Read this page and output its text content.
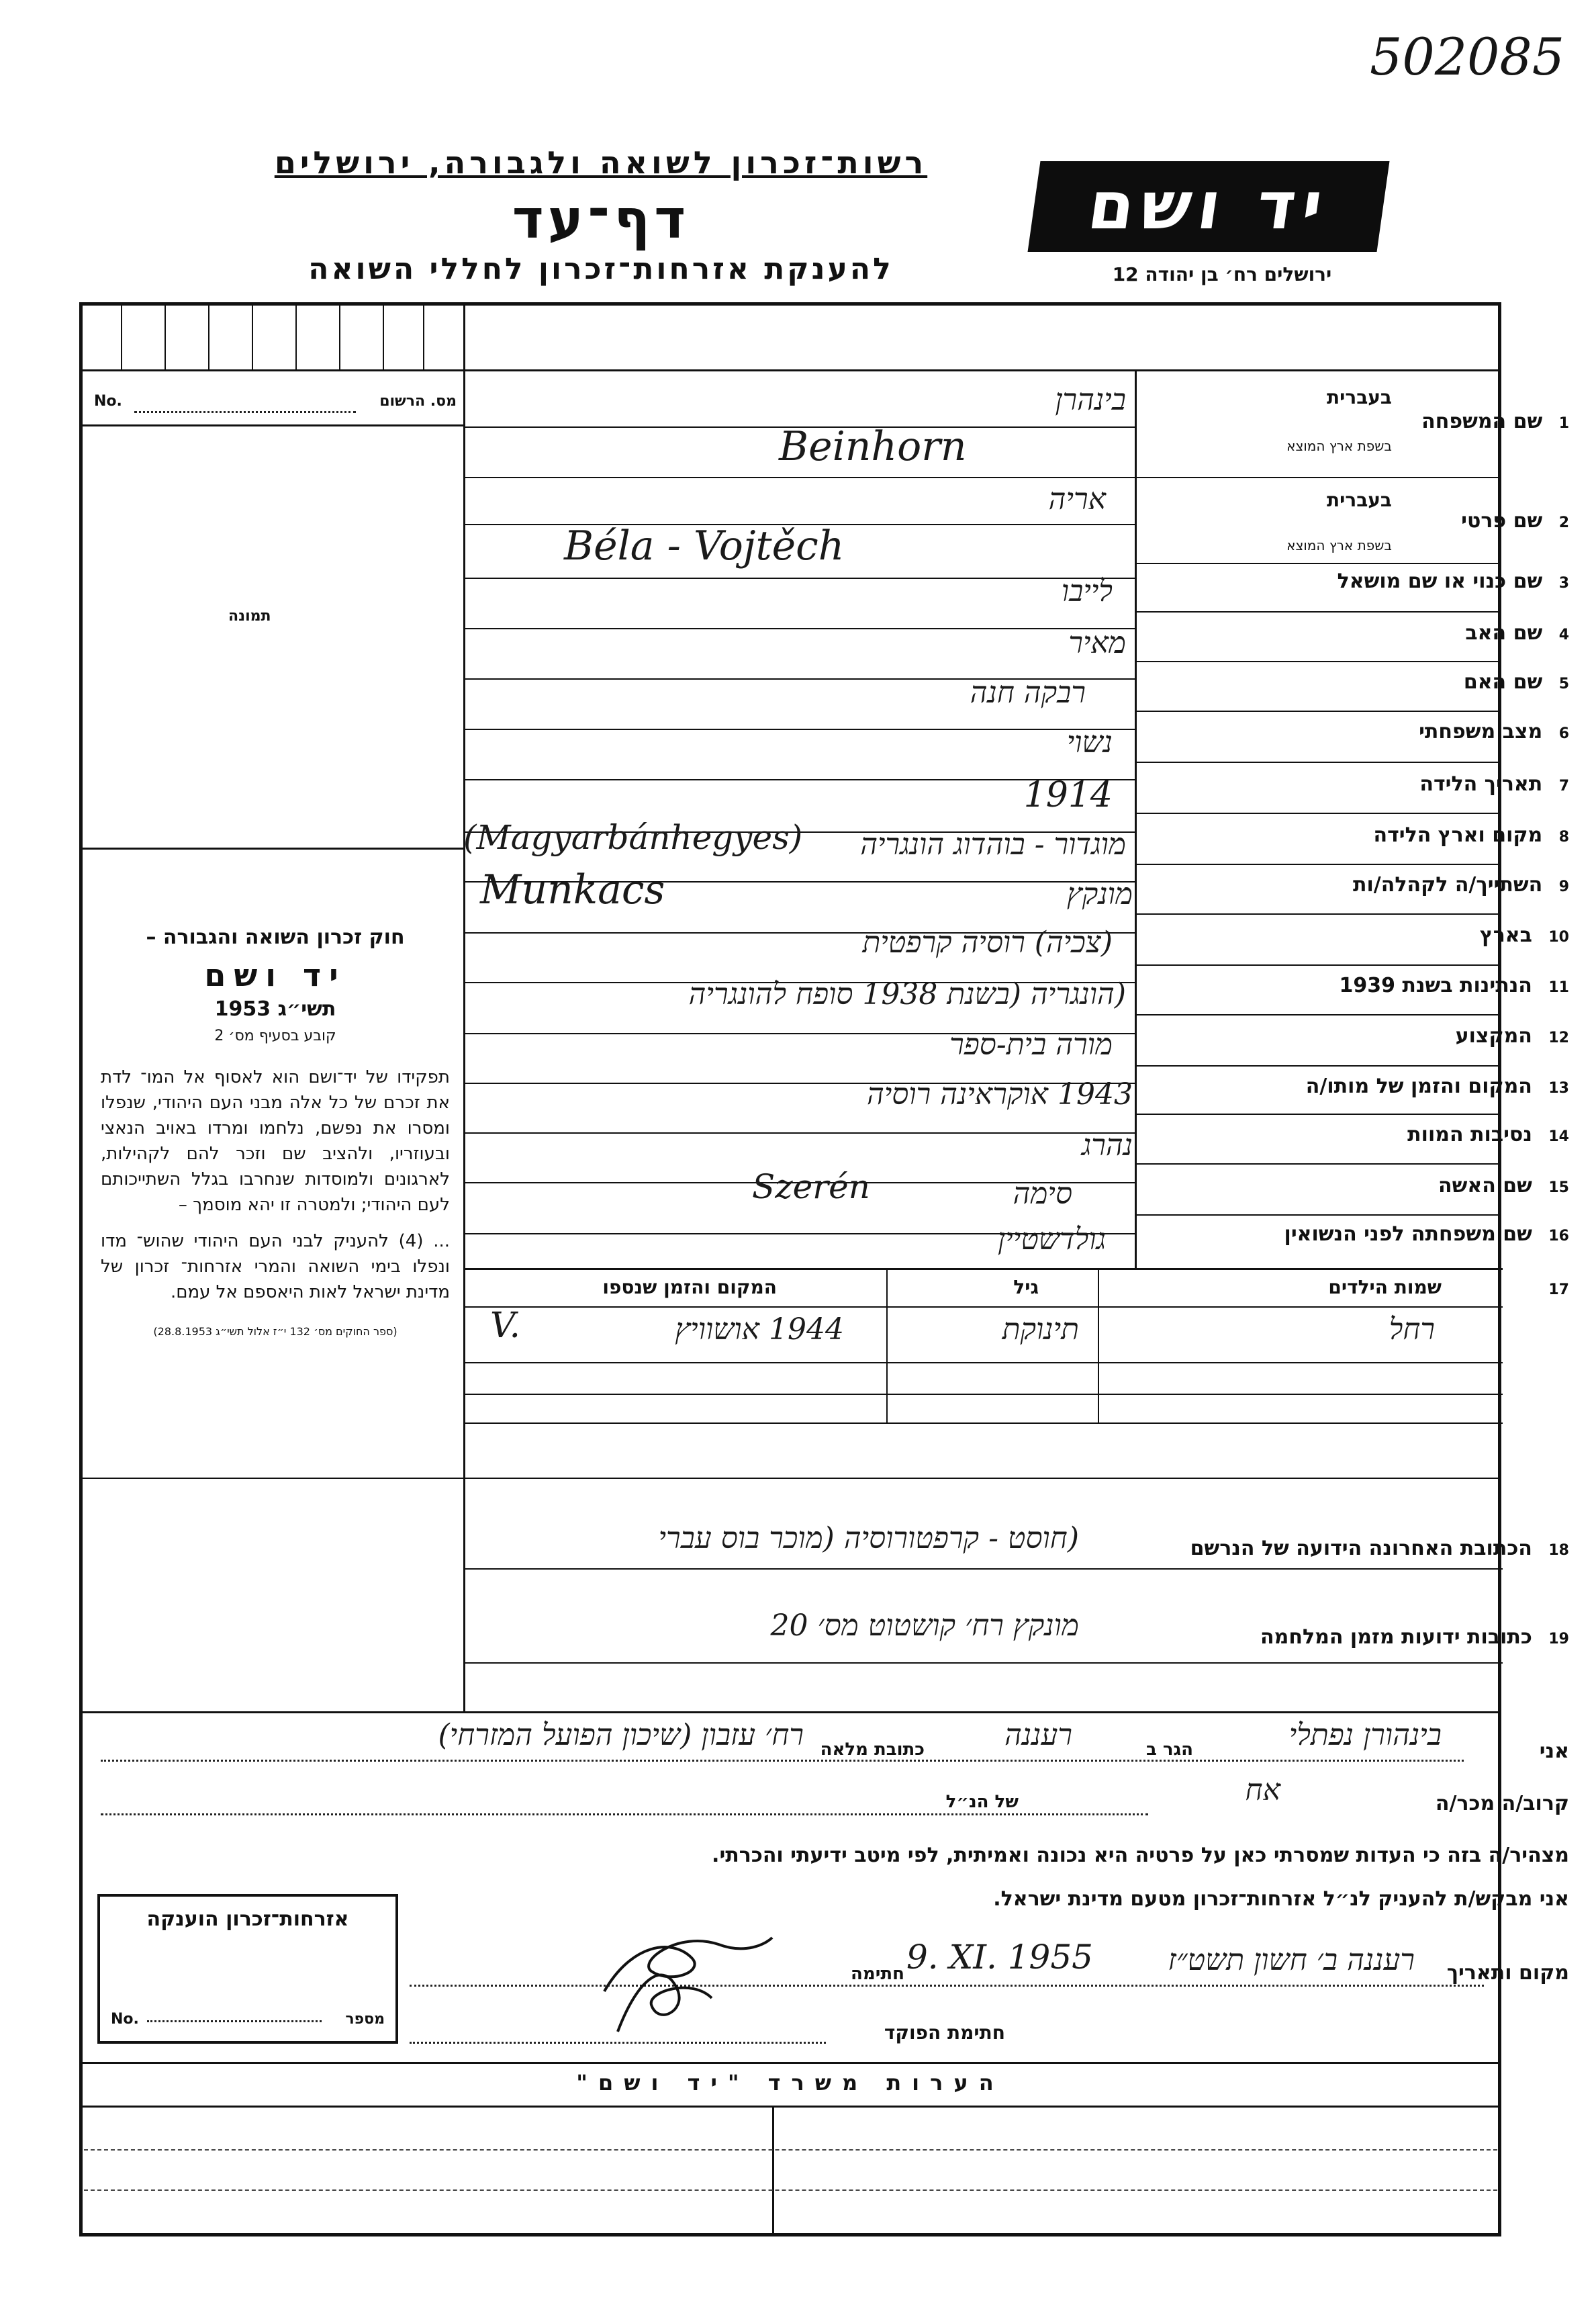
502085
רשות־זכרון לשואה ולגבורה, ירושלים
דף־עד
להענקת אזרחות־זכרון לחללי השואה
יד ושם
ירושלים רח׳ בן יהודה 12
מס. הרשום
No.
תמונה
חוק זכרון השואה והגבורה –
יד ושם
תשי״ג 1953
קובע בסעיף מס׳ 2
תפקידו של יד־ושם הוא לאסוף אל המו־ לדת את זכרם של כל אלה מבני העם היהודי, שנפלו ומסרו את נפשם, נלחמו ומרדו באויב הנאצי ובעוזריו, ולהציב שם וזכר להם לקהילות, לארגונים ולמוסדות שנחרבו בגלל השתייכותם לעם היהודי; ולמטרה זו יהא מוסמך –
... (4) להעניק לבני העם היהודי שהוש־ מדו ונפלו בימי השואה והמרי אזרחות־ זכרון של מדינת ישראל לאות היאספם אל עמם.
(ספר החוקים מס׳ 132 י״ז אלול תשי״ג 28.8.1953)
בעברית
בשפת ארץ המוצא
בעברית
בשפת ארץ המוצא
1 שם המשפחה
2 שם פרטי
3 שם כנוי או שם מושאל
4 שם האב
5 שם האם
6 מצב משפחתי
7 תאריך הלידה
8 מקום וארץ הלידה
9 השתייך/ה לקהלה/ות
10 בארץ
11 הנתינות בשנת 1939
12 המקצוע
13 המקום והזמן של מותו/ה
14 נסיבות המוות
15 שם האשה
16 שם משפחתה לפני הנשואין
בינהרן
Beinhorn
אריה
Béla - Vojtěch
לייבו
מאיר
רבקה חנה
נשוי
1914
מוגדור - בוהדוג הונגריה
(Magyarbánhegyes)
מונקץ
Munkacs
(צכיה) רוסיה קרפטית
(הונגריה (בשנת 1938 סופח להונגריה
מורה בית-ספר
1943 אוקראינה רוסיה
נהרג
סימה
Szerén
גולדשטיין
17
שמות הילדים
גיל
המקום והזמן שנספו
רחל
תינוקת
1944 אושוויץ
V.
18 הכתובת האחרונה הידועה של הנרשם
(חוסט - קרפטורוסיה (מוכר בוס עברי
19 כתובות ידועות מזמן המלחמה
מונקץ רח׳ קושטוט מס׳ 20
אני
בינהורן נפתלי
הגר ב
רעננה
כתובת מלאה
רח׳ עזבון (שיכון הפועל המזרחי)
קרוב/ה מכר/ה
אח
של הנ״ל
מצהיר/ה בזה כי העדות שמסרתי כאן על פרטיה היא נכונה ואמיתית, לפי מיטב ידיעתי והכרתי.
אני מבקש/ת להעניק לנ״ל אזרחות־זכרון מטעם מדינת ישראל.
מקום ותאריך
רעננה ב׳ חשון תשט״ז
9. XI. 1955
חתימה
חתימת הפוקד
אזרחות־זכרון הוענקה
No.	מספר
הערות משרד "יד ושם"
